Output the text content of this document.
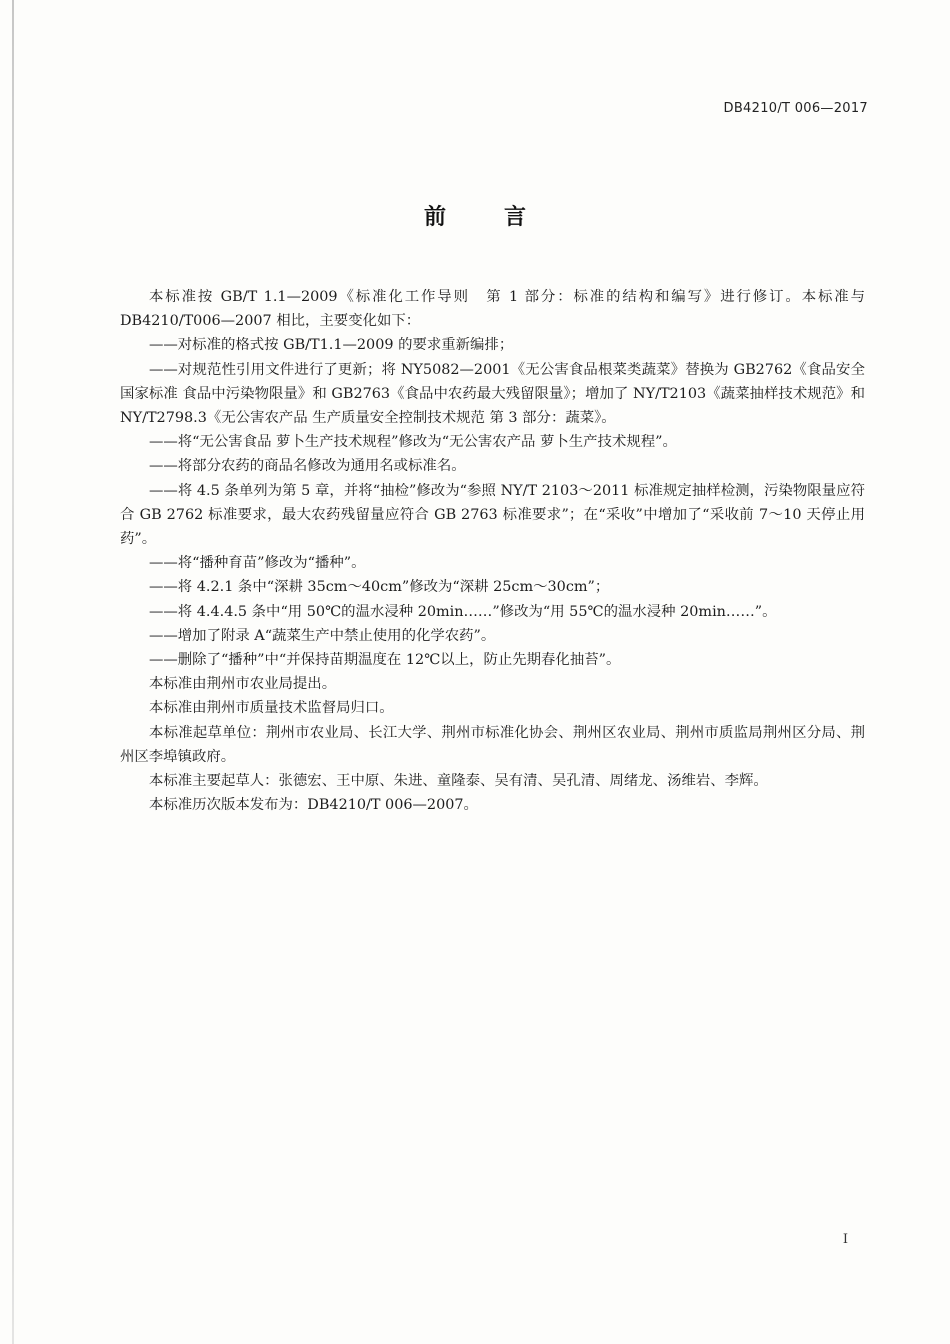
DB4210/T 006—2017
前言

本标准按 GB/T 1.1—2009《标准化工作导则　第 1 部分：标准的结构和编写》进行修订。本标准与 DB4210/T006—2007 相比，主要变化如下：

——对标准的格式按 GB/T1.1—2009 的要求重新编排；

——对规范性引用文件进行了更新；将 NY5082—2001《无公害食品根菜类蔬菜》替换为 GB2762《食品安全国家标准 食品中污染物限量》和 GB2763《食品中农药最大残留限量》；增加了 NY/T2103《蔬菜抽样技术规范》和 NY/T2798.3《无公害农产品 生产质量安全控制技术规范 第 3 部分：蔬菜》。

——将“无公害食品 萝卜生产技术规程”修改为“无公害农产品 萝卜生产技术规程”。

——将部分农药的商品名修改为通用名或标准名。

——将 4.5 条单列为第 5 章，并将“抽检”修改为“参照 NY/T 2103～2011 标准规定抽样检测，污染物限量应符合 GB 2762 标准要求，最大农药残留量应符合 GB 2763 标准要求”；在“采收”中增加了“采收前 7～10 天停止用药”。

——将“播种育苗”修改为“播种”。

——将 4.2.1 条中“深耕 35cm～40cm”修改为“深耕 25cm～30cm”；

——将 4.4.4.5 条中“用 50℃的温水浸种 20min……”修改为“用 55℃的温水浸种 20min……”。

——增加了附录 A“蔬菜生产中禁止使用的化学农药”。

——删除了“播种”中“并保持苗期温度在 12℃以上，防止先期春化抽苔”。

本标准由荆州市农业局提出。

本标准由荆州市质量技术监督局归口。

本标准起草单位：荆州市农业局、长江大学、荆州市标准化协会、荆州区农业局、荆州市质监局荆州区分局、荆州区李埠镇政府。

本标准主要起草人：张德宏、王中原、朱进、童隆泰、吴有清、吴孔清、周绪龙、汤维岩、李辉。

本标准历次版本发布为：DB4210/T 006—2007。

I
